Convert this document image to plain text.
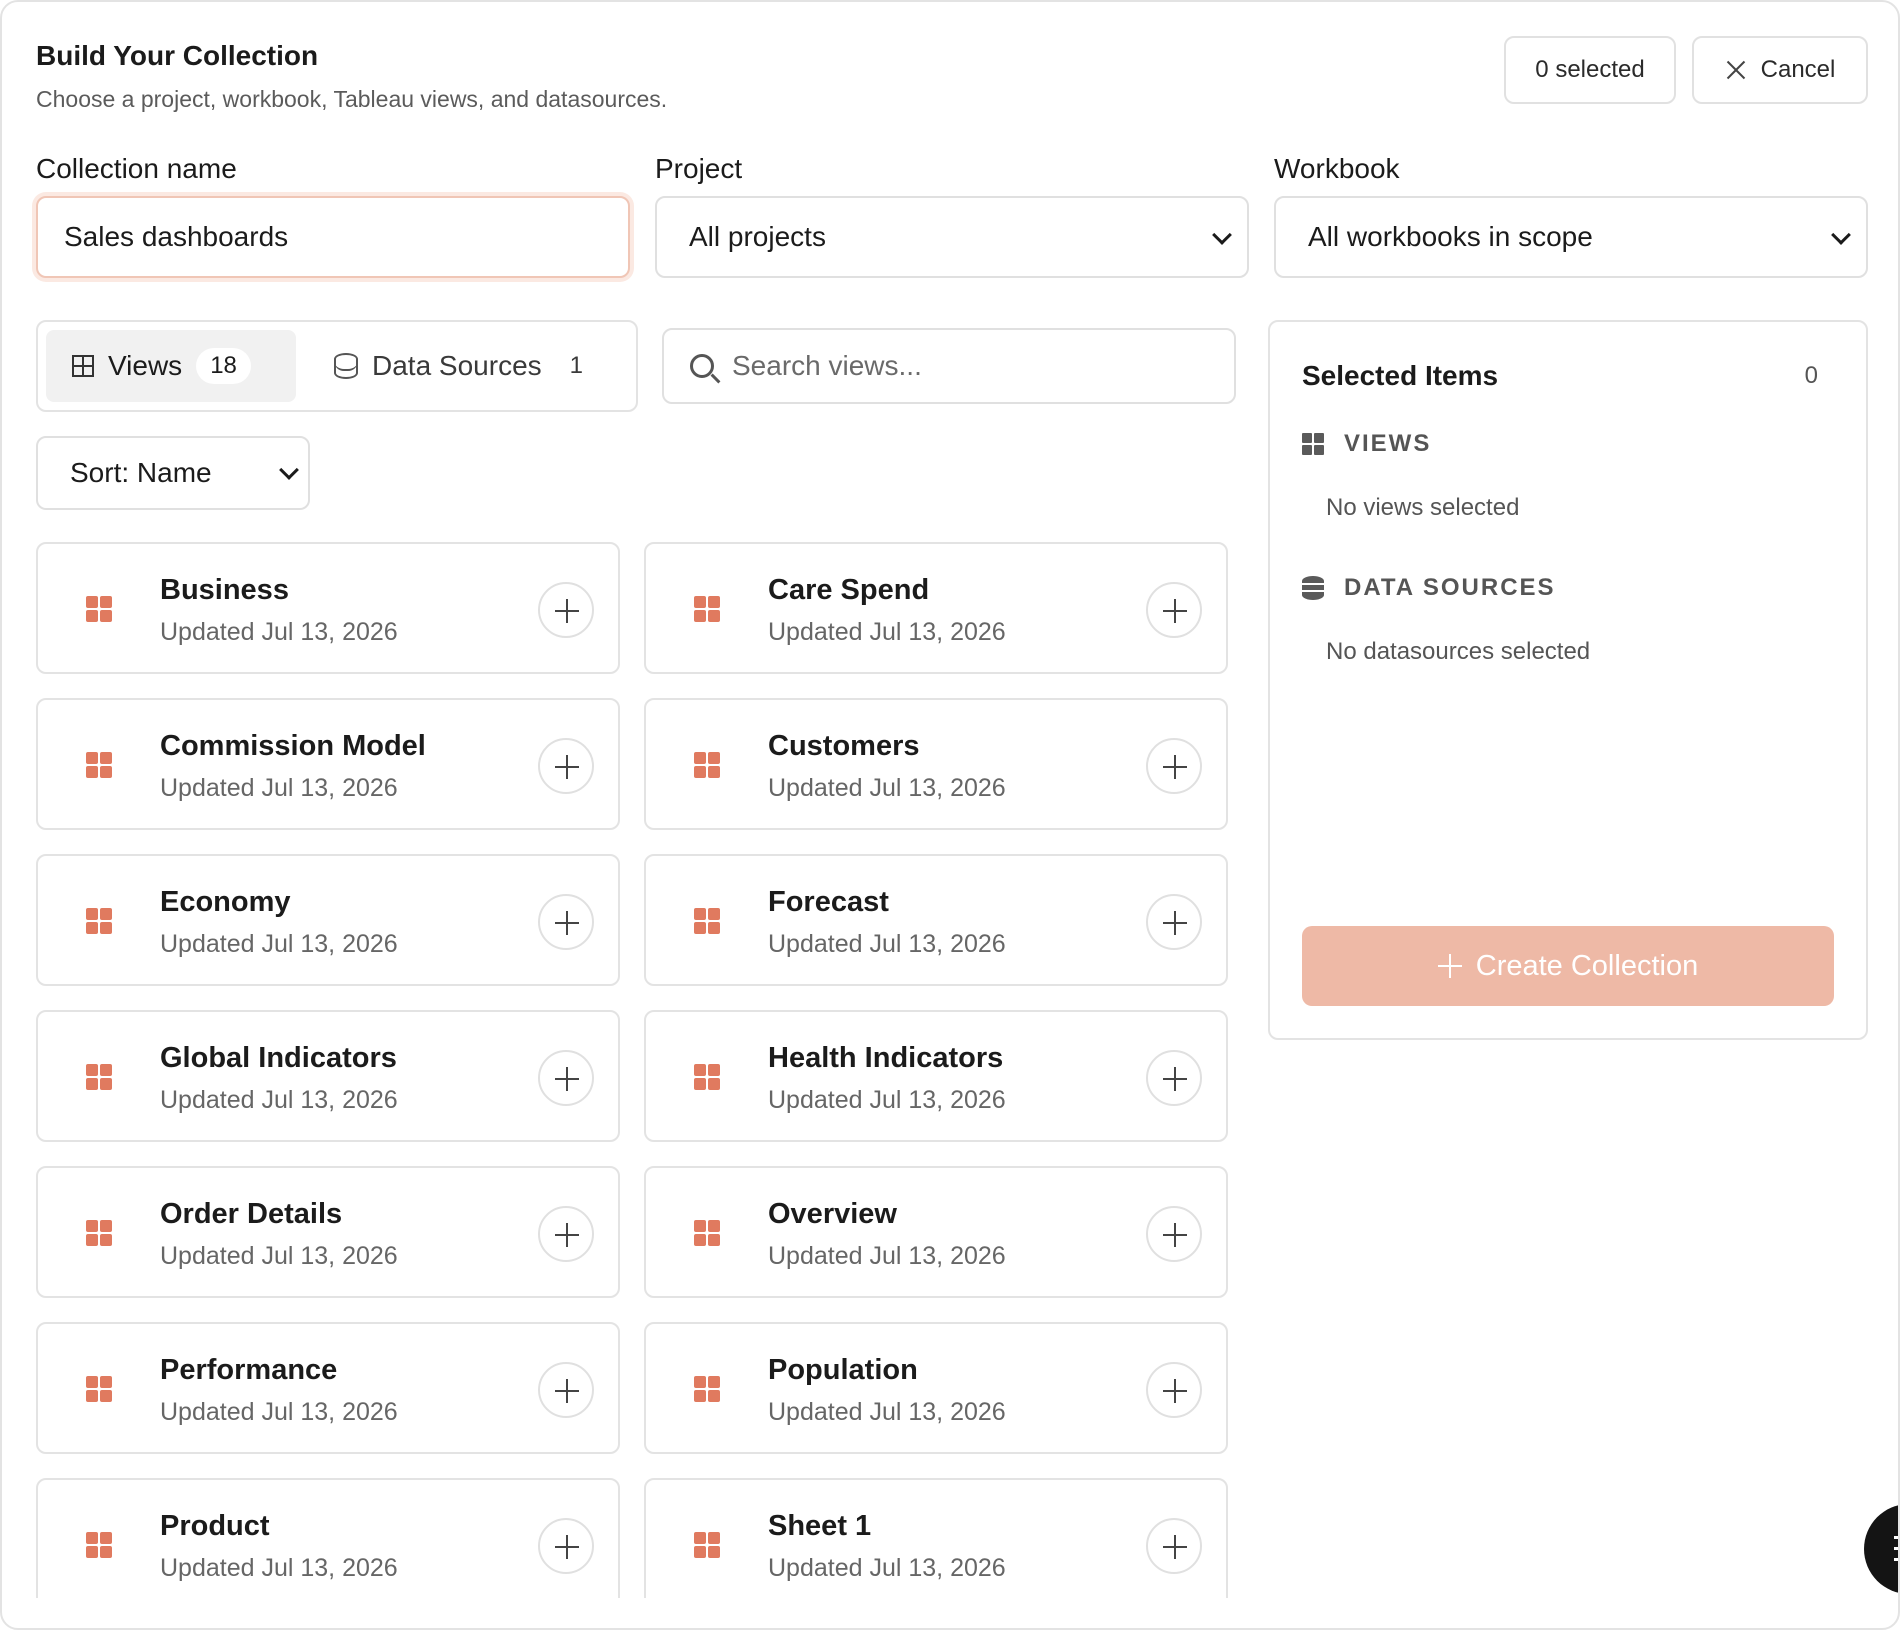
Build Your Collection
Choose a project, workbook, Tableau views, and datasources.
0 selected	Cancel
Collection name	Project	Workbook
Sales dashboards	All projects	All workbooks in scope
Views	18	Data Sources	1	Search views...
Sort: Name
Business
Updated Jul 13, 2026
Care Spend
Updated Jul 13, 2026
Commission Model
Updated Jul 13, 2026
Customers
Updated Jul 13, 2026
Economy
Updated Jul 13, 2026
Forecast
Updated Jul 13, 2026
Global Indicators
Updated Jul 13, 2026
Health Indicators
Updated Jul 13, 2026
Order Details
Updated Jul 13, 2026
Overview
Updated Jul 13, 2026
Performance
Updated Jul 13, 2026
Population
Updated Jul 13, 2026
Product
Updated Jul 13, 2026
Sheet 1
Updated Jul 13, 2026
Selected Items	0
VIEWS
No views selected
DATA SOURCES
No datasources selected
Create Collection
